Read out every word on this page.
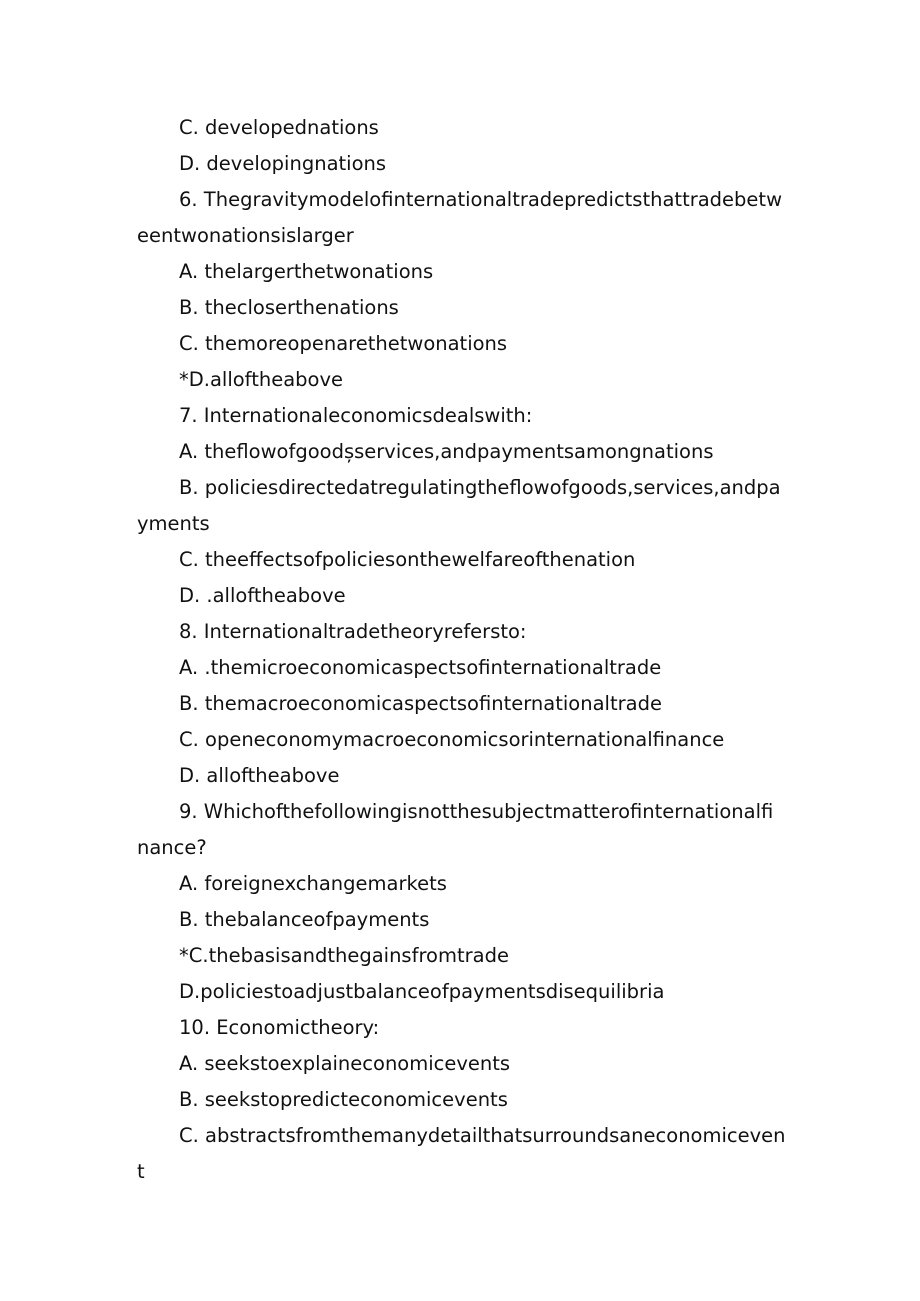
C. developednations
D. developingnations
6. Thegravitymodelofinternationaltradepredictsthattradebetw
eentwonationsislarger
A. thelargerthetwonations
B. thecloserthenations
C. themoreopenarethetwonations
*D.alloftheabove
7. Internationaleconomicsdealswith:
A. theflowofgoodșservices,andpaymentsamongnations
B. policiesdirectedatregulatingtheflowofgoods,services,andpa
yments
C. theeffectsofpoliciesonthewelfareofthenation
D. .alloftheabove
8. Internationaltradetheoryrefersto:
A. .themicroeconomicaspectsofinternationaltrade
B. themacroeconomicaspectsofinternationaltrade
C. openeconomymacroeconomicsorinternationalfinance
D. alloftheabove
9. Whichofthefollowingisnotthesubjectmatterofinternationalfi
nance?
A. foreignexchangemarkets
B. thebalanceofpayments
*C.thebasisandthegainsfromtrade
D.policiestoadjustbalanceofpaymentsdisequilibria
10. Economictheory:
A. seekstoexplaineconomicevents
B. seekstopredicteconomicevents
C. abstractsfromthemanydetailthatsurroundsaneconomiceven
t
